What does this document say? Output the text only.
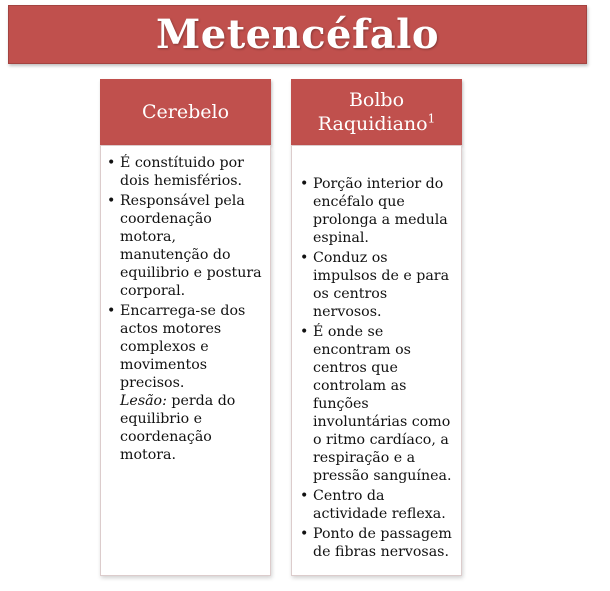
Metencéfalo
Cerebelo
• É constítuido por dois hemisférios.
• Responsável pela coordenação motora, manutenção do equilibrio e postura corporal.
• Encarrega-se dos actos motores complexos e movimentos precisos.
Lesão: perda do equilibrio e coordenação motora.
Bolbo Raquidiano$^1$
• Porção interior do encéfalo que prolonga a medula espinal.
• Conduz os impulsos de e para os centros nervosos.
• É onde se encontram os centros que controlam as funções involuntárias como o ritmo cardíaco, a respiração e a pressão sanguínea.
• Centro da actividade reflexa.
• Ponto de passagem de fibras nervosas.
